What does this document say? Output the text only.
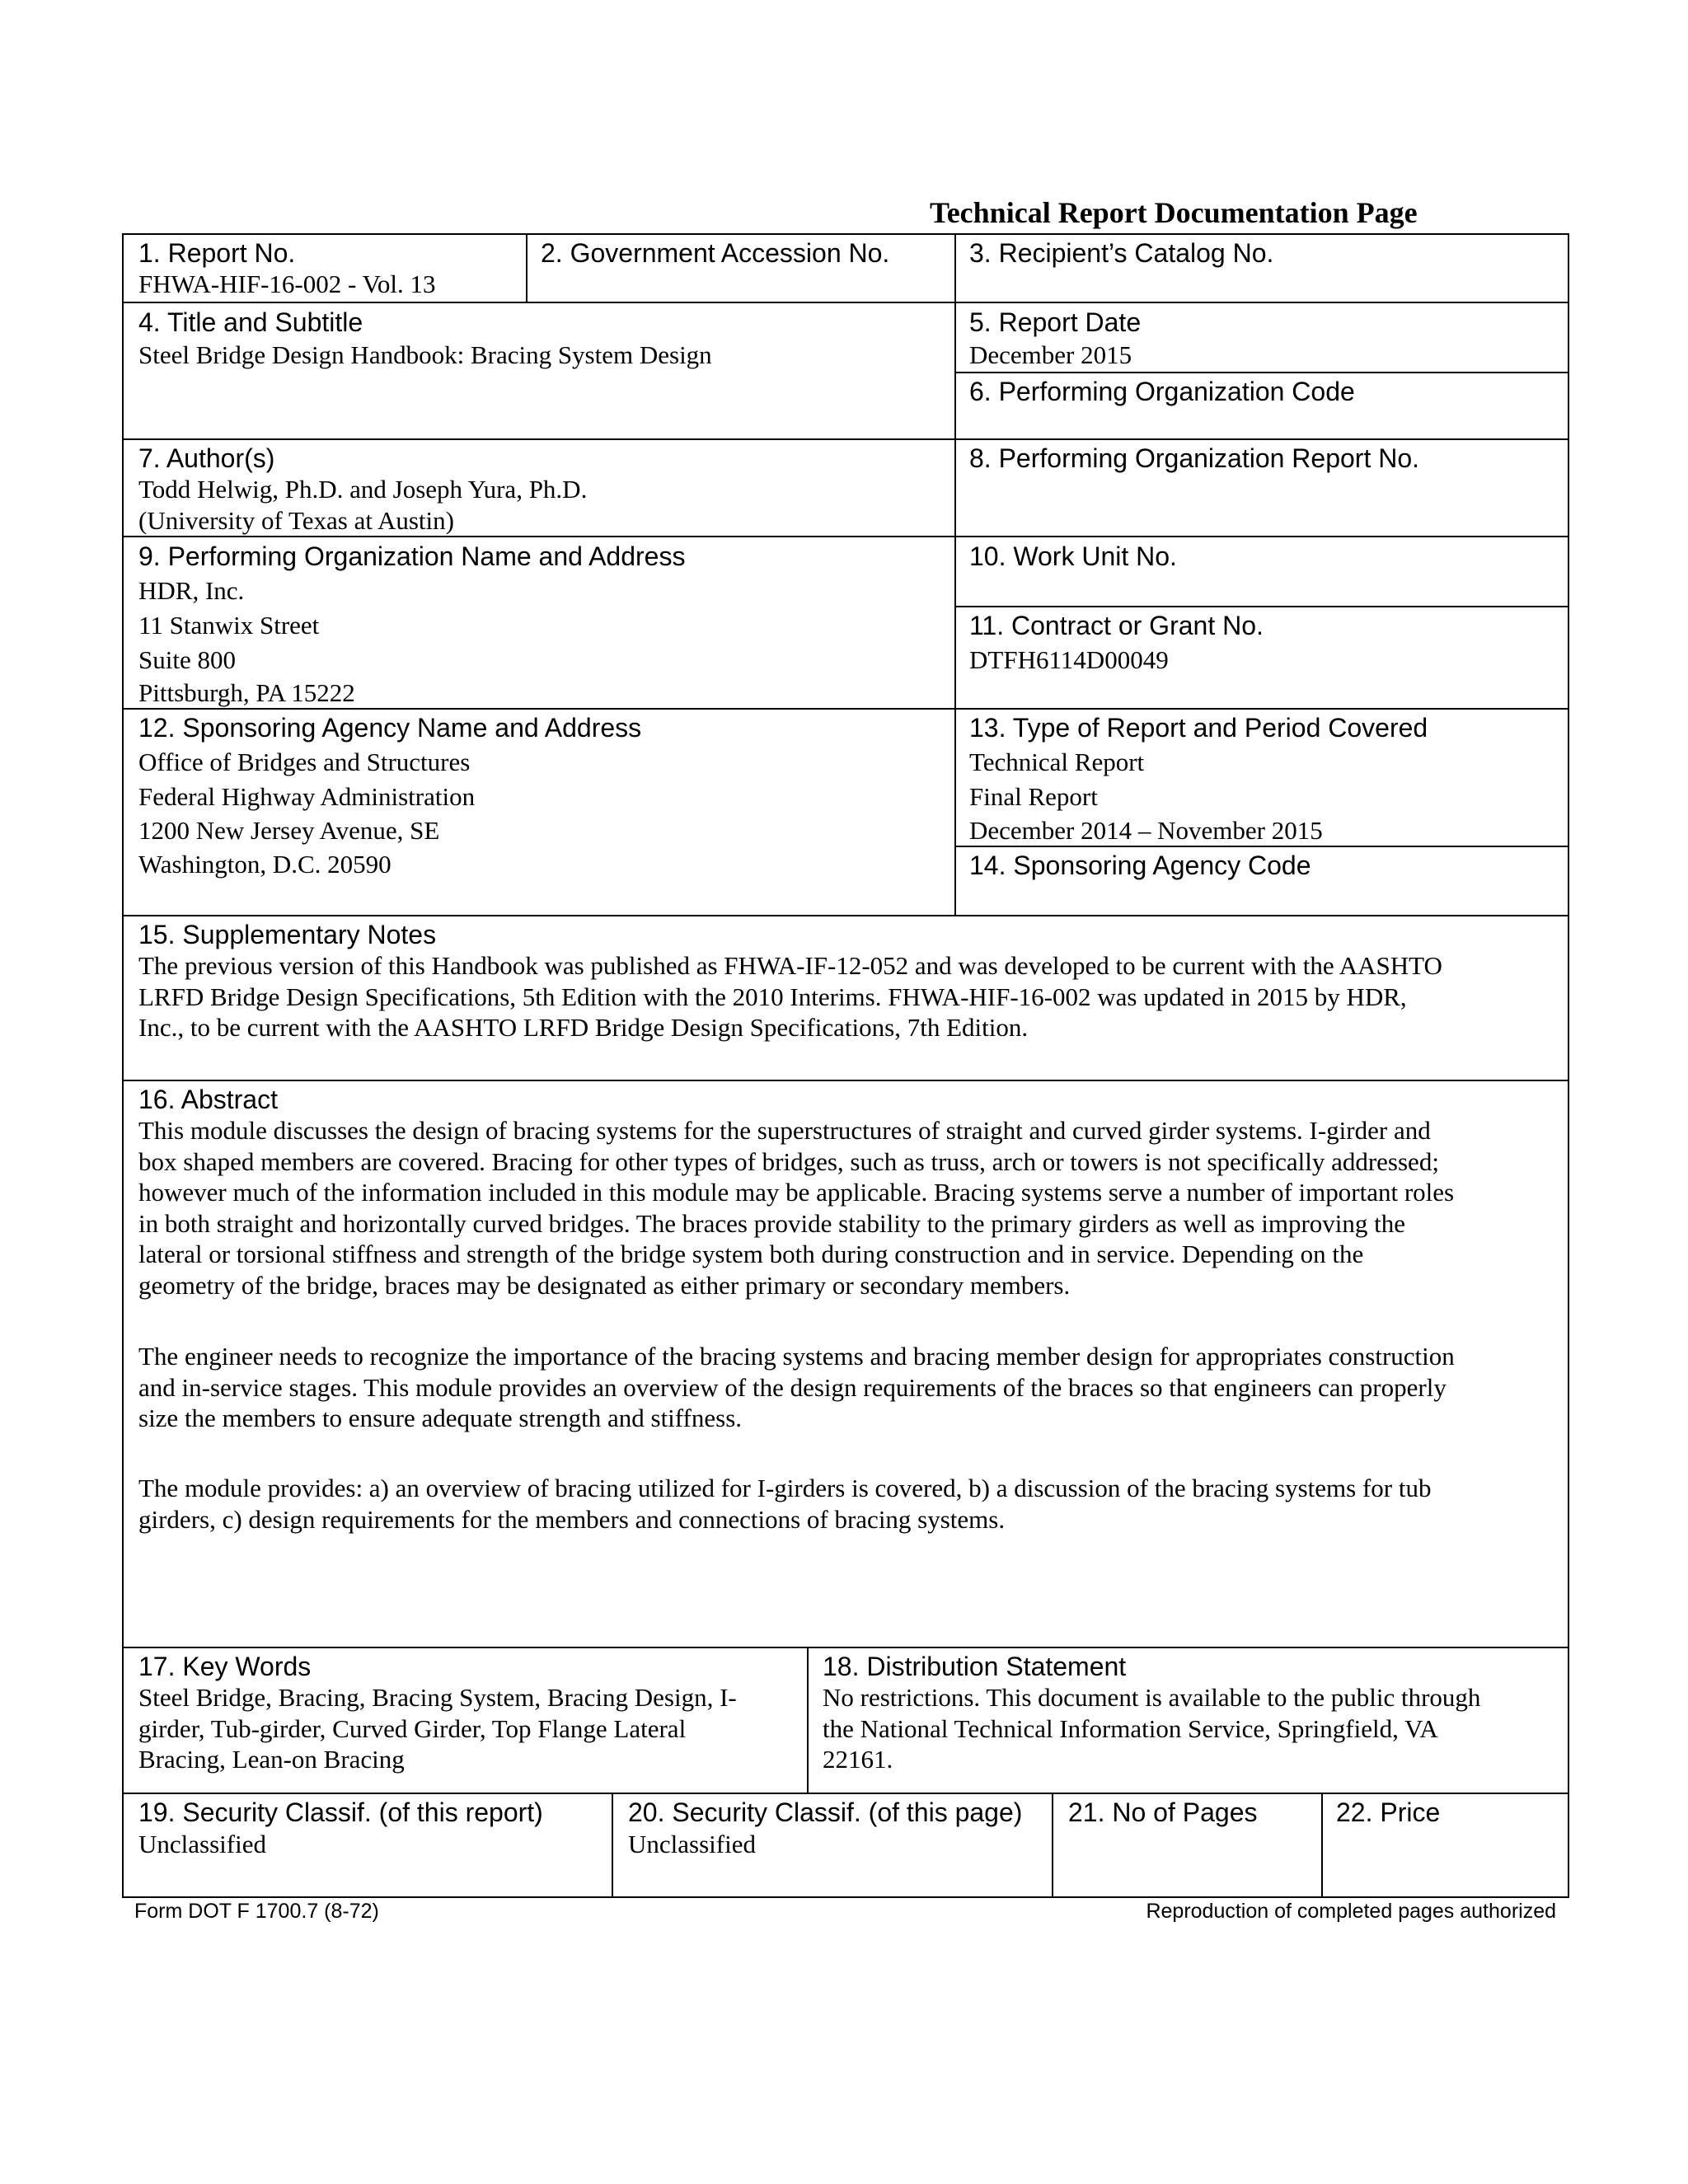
Technical Report Documentation Page
1. Report No.
FHWA-HIF-16-002 - Vol. 13
2. Government Accession No.	3. Recipient’s Catalog No.
4. Title and Subtitle
Steel Bridge Design Handbook: Bracing System Design
5. Report Date
December 2015
6. Performing Organization Code
7. Author(s)
Todd Helwig, Ph.D. and Joseph Yura, Ph.D.
(University of Texas at Austin)
8. Performing Organization Report No.
9. Performing Organization Name and Address
HDR, Inc.
11 Stanwix Street
Suite 800
Pittsburgh, PA 15222
10. Work Unit No.
11. Contract or Grant No.
DTFH6114D00049
12. Sponsoring Agency Name and Address
Office of Bridges and Structures
Federal Highway Administration
1200 New Jersey Avenue, SE
Washington, D.C. 20590
13. Type of Report and Period Covered
Technical Report
Final Report
December 2014 – November 2015
14. Sponsoring Agency Code
15. Supplementary Notes
The previous version of this Handbook was published as FHWA-IF-12-052 and was developed to be current with the AASHTO
LRFD Bridge Design Specifications, 5th Edition with the 2010 Interims. FHWA-HIF-16-002 was updated in 2015 by HDR,
Inc., to be current with the AASHTO LRFD Bridge Design Specifications, 7th Edition.
16. Abstract
This module discusses the design of bracing systems for the superstructures of straight and curved girder systems. I-girder and
box shaped members are covered. Bracing for other types of bridges, such as truss, arch or towers is not specifically addressed;
however much of the information included in this module may be applicable. Bracing systems serve a number of important roles
in both straight and horizontally curved bridges. The braces provide stability to the primary girders as well as improving the
lateral or torsional stiffness and strength of the bridge system both during construction and in service. Depending on the
geometry of the bridge, braces may be designated as either primary or secondary members.
The engineer needs to recognize the importance of the bracing systems and bracing member design for appropriates construction
and in-service stages. This module provides an overview of the design requirements of the braces so that engineers can properly
size the members to ensure adequate strength and stiffness.
The module provides: a) an overview of bracing utilized for I-girders is covered, b) a discussion of the bracing systems for tub
girders, c) design requirements for the members and connections of bracing systems.
17. Key Words
Steel Bridge, Bracing, Bracing System, Bracing Design, I-
girder, Tub-girder, Curved Girder, Top Flange Lateral
Bracing, Lean-on Bracing
18. Distribution Statement
No restrictions. This document is available to the public through
the National Technical Information Service, Springfield, VA
22161.
19. Security Classif. (of this report)
Unclassified
20. Security Classif. (of this page)
Unclassified
21. No of Pages	22. Price
Form DOT F 1700.7 (8-72)	Reproduction of completed pages authorized
